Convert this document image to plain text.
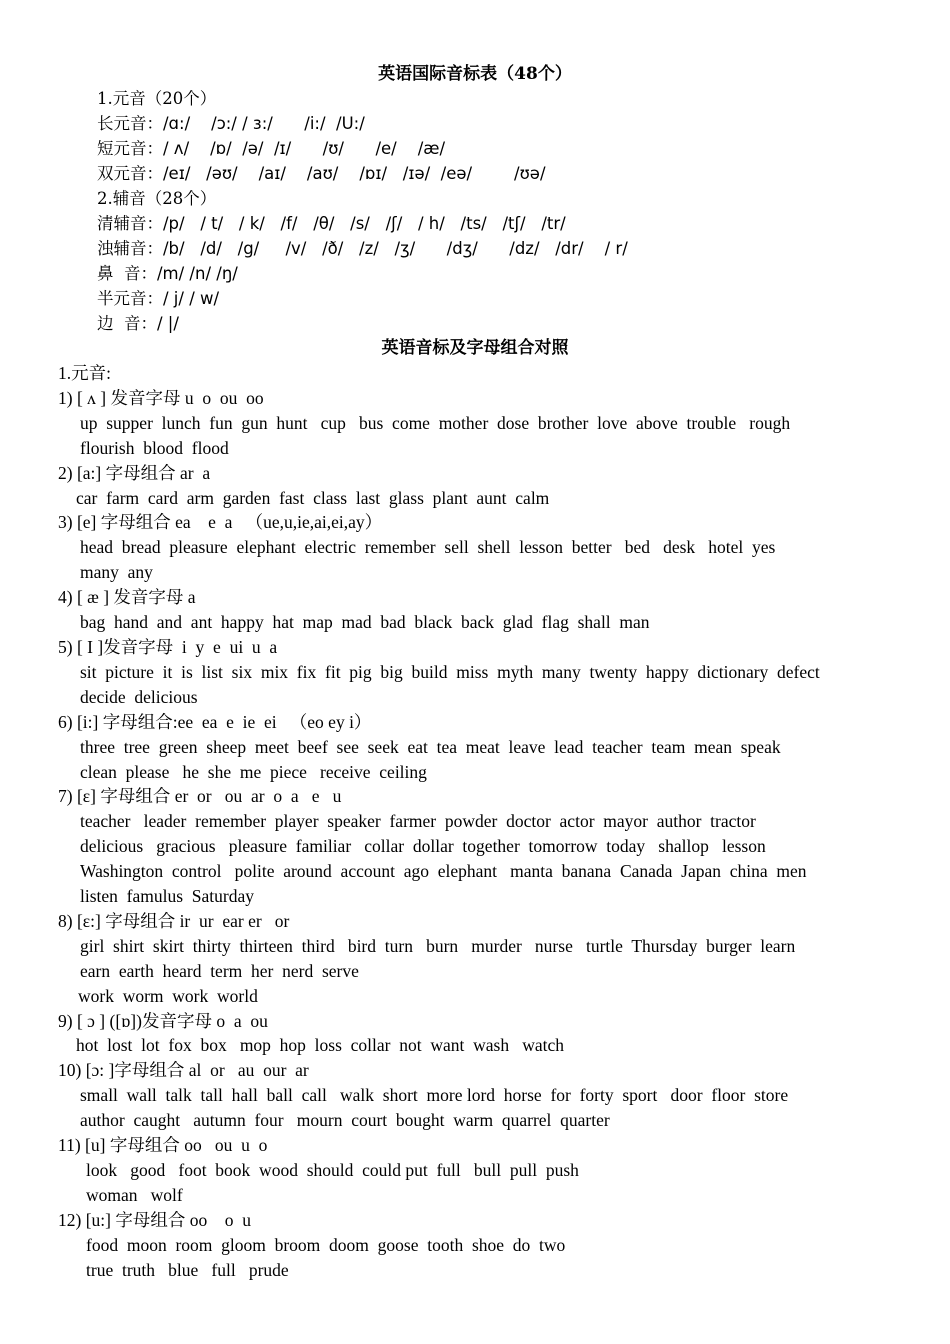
英语国际音标表（48个）

1.元音（20个）

长元音：/ɑ:/    /ɔ:/ / ɜ:/      /i:/  /U:/

短元音：/ ʌ/    /ɒ/  /ə/  /ɪ/      /ʊ/      /e/    /æ/

双元音：/eɪ/   /əʊ/    /aɪ/    /aʊ/    /ɒɪ/   /ɪə/  /eə/        /ʊə/

2.辅音（28个）

清辅音：/p/   / t/   / k/   /f/   /θ/   /s/   /ʃ/   / h/   /ts/   /tʃ/   /tr/

浊辅音：/b/   /d/   /g/     /v/   /ð/   /z/   /ʒ/      /dʒ/      /dz/   /dr/    / r/

鼻  音：/m/ /n/ /ŋ/

半元音：/ j/ / w/

边  音：/ |/

英语音标及字母组合对照

1.元音:

1) [ ʌ ] 发音字母 u  o  ou  oo

up  supper  lunch  fun  gun  hunt   cup   bus  come  mother  dose  brother  love  above  trouble   rough

flourish  blood  flood

2) [a:] 字母组合 ar  a

car  farm  card  arm  garden  fast  class  last  glass  plant  aunt  calm

3) [e] 字母组合 ea    e  a   （ue,u,ie,ai,ei,ay）

head  bread  pleasure  elephant  electric  remember  sell  shell  lesson  better   bed   desk   hotel  yes

many  any

4) [ æ ] 发音字母 a

bag  hand  and  ant  happy  hat  map  mad  bad  black  back  glad  flag  shall  man

5) [ I ]发音字母  i  y  e  ui  u  a

sit  picture  it  is  list  six  mix  fix  fit  pig  big  build  miss  myth  many  twenty  happy  dictionary  defect

decide  delicious

6) [i:] 字母组合:ee  ea  e  ie  ei   （eo ey i）

three  tree  green  sheep  meet  beef  see  seek  eat  tea  meat  leave  lead  teacher  team  mean  speak

clean  please   he  she  me  piece   receive  ceiling

7) [ɛ] 字母组合 er  or   ou  ar  o  a   e   u

teacher   leader  remember  player  speaker  farmer  powder  doctor  actor  mayor  author  tractor

delicious   gracious   pleasure  familiar   collar  dollar  together  tomorrow  today   shallop   lesson

Washington  control   polite  around  account  ago  elephant   manta  banana  Canada  Japan  china  men

listen  famulus  Saturday

8) [ɛ:] 字母组合 ir  ur  ear er   or

girl  shirt  skirt  thirty  thirteen  third   bird  turn   burn   murder   nurse   turtle  Thursday  burger  learn

earn  earth  heard  term  her  nerd  serve

work  worm  work  world

9) [ ɔ ] ([ɒ])发音字母 o  a  ou

hot  lost  lot  fox  box   mop  hop  loss  collar  not  want  wash   watch

10) [ɔ: ]字母组合 al  or   au  our  ar

small  wall  talk  tall  hall  ball  call   walk  short  more lord  horse  for  forty  sport   door  floor  store

author  caught   autumn  four   mourn  court  bought  warm  quarrel  quarter

11) [u] 字母组合 oo   ou  u  o

look   good   foot  book  wood  should  could put  full   bull  pull  push

woman   wolf

12) [u:] 字母组合 oo    o  u

food  moon  room  gloom  broom  doom  goose  tooth  shoe  do  two

true  truth   blue   full   prude
